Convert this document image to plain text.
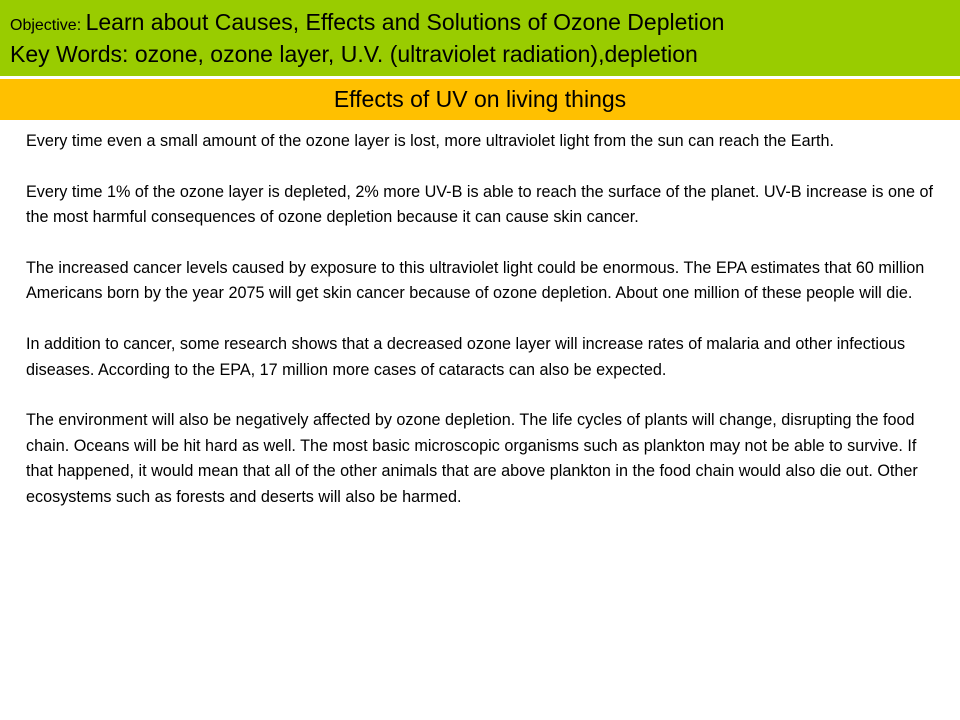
Objective: Learn about Causes, Effects and Solutions of Ozone Depletion
Key Words: ozone, ozone layer, U.V. (ultraviolet radiation),depletion
Effects of UV on living things

Every time even a small amount of the ozone layer is lost, more ultraviolet light from the sun can reach the Earth.

Every time 1% of the ozone layer is depleted, 2% more UV-B is able to reach the surface of the planet. UV-B increase is one of the most harmful consequences of ozone depletion because it can cause skin cancer.

The increased cancer levels caused by exposure to this ultraviolet light could be enormous. The EPA estimates that 60 million Americans born by the year 2075 will get skin cancer because of ozone depletion. About one million of these people will die.

In addition to cancer, some research shows that a decreased ozone layer will increase rates of malaria and other infectious diseases. According to the EPA, 17 million more cases of cataracts can also be expected.

The environment will also be negatively affected by ozone depletion. The life cycles of plants will change, disrupting the food chain. Oceans will be hit hard as well. The most basic microscopic organisms such as plankton may not be able to survive. If that happened, it would mean that all of the other animals that are above plankton in the food chain would also die out. Other ecosystems such as forests and deserts will also be harmed.
